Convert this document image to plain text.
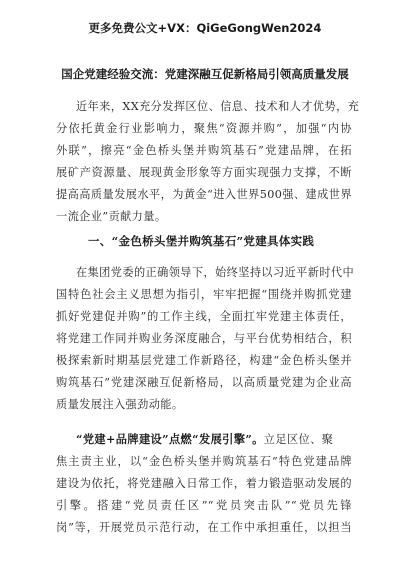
更多免费公文+VX：QiGeGongWen2024
国企党建经验交流：党建深融互促新格局引领高质量发展
近年来，XX充分发挥区位、信息、技术和人才优势，充
分依托黄金行业影响力，聚焦“资源并购”，加强“内协
外联”，擦亮“金色桥头堡并购筑基石”党建品牌，在拓
展矿产资源量、展现黄金形象等方面实现强力支撑，不断
提高高质量发展水平，为黄金“进入世界500强、建成世界
一流企业”贡献力量。
一、“金色桥头堡并购筑基石”党建具体实践
在集团党委的正确领导下，始终坚持以习近平新时代中
国特色社会主义思想为指引，牢牢把握“围绕并购抓党建
抓好党建促并购”的工作主线，全面扛牢党建主体责任，
将党建工作同并购业务深度融合，与平台优势相结合，积
极探索新时期基层党建工作新路径，构建“金色桥头堡并
购筑基石”党建深融互促新格局，以高质量党建为企业高
质量发展注入强劲动能。
“党建+品牌建设”点燃“发展引擎”。立足区位、聚
焦主责主业，以“金色桥头堡并购筑基石”特色党建品牌
建设为依托，将党建融入日常工作，着力锻造驱动发展的
引擎。搭建“党员责任区”“党员突击队”“党员先锋
岗”等，开展党员示范行动，在工作中承担重任，以担当
